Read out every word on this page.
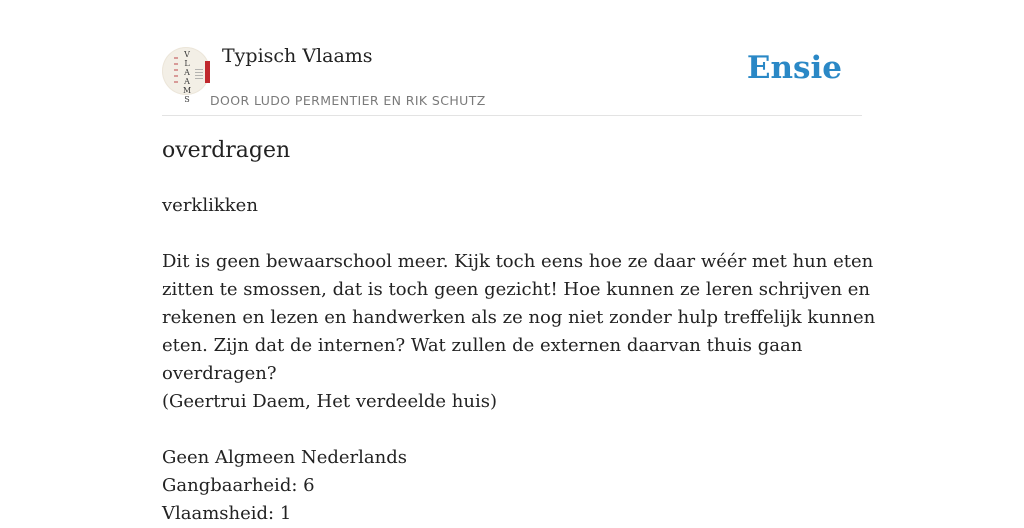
V
L
A
A
M
S
Typisch Vlaams
DOOR LUDO PERMENTIER EN RIK SCHUTZ
Ensie
overdragen
verklikken
Dit is geen bewaarschool meer. Kijk toch eens hoe ze daar wéér met hun eten
zitten te smossen, dat is toch geen gezicht! Hoe kunnen ze leren schrijven en
rekenen en lezen en handwerken als ze nog niet zonder hulp treffelijk kunnen
eten. Zijn dat de internen? Wat zullen de externen daarvan thuis gaan
overdragen?
(Geertrui Daem, Het verdeelde huis)
Geen Algmeen Nederlands
Gangbaarheid: 6
Vlaamsheid: 1
